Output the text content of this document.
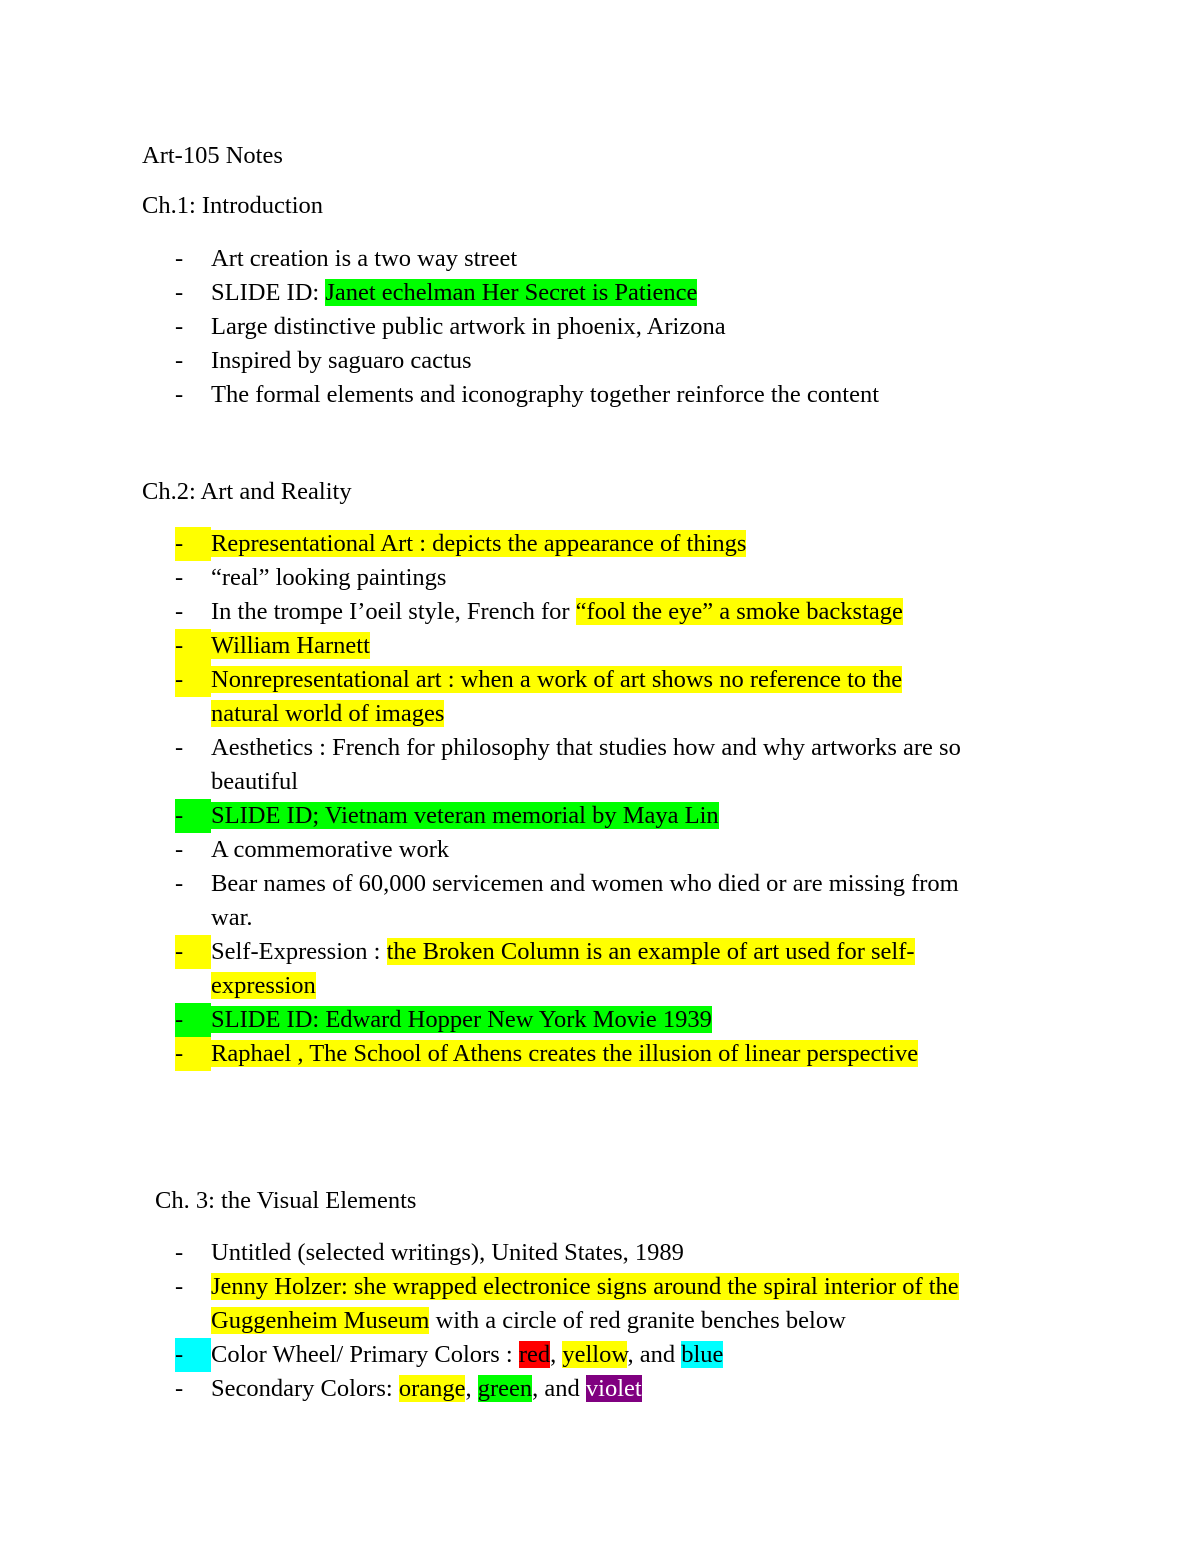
Art-105 Notes
Ch.1: Introduction
-	Art creation is a two way street
-	SLIDE ID: Janet echelman Her Secret is Patience
-	Large distinctive public artwork in phoenix, Arizona
-	Inspired by saguaro cactus
-	The formal elements and iconography together reinforce the content
Ch.2: Art and Reality
-	Representational Art : depicts the appearance of things
-	“real” looking paintings
-	In the trompe I’oeil style, French for “fool the eye” a smoke backstage
-	William Harnett
-	Nonrepresentational art : when a work of art shows no reference to the
natural world of images
-	Aesthetics : French for philosophy that studies how and why artworks are so
beautiful
-	SLIDE ID; Vietnam veteran memorial by Maya Lin
-	A commemorative work
-	Bear names of 60,000 servicemen and women who died or are missing from
war.
-	Self-Expression : the Broken Column is an example of art used for self-
expression
-	SLIDE ID: Edward Hopper New York Movie 1939
-	Raphael , The School of Athens creates the illusion of linear perspective
Ch. 3: the Visual Elements
-	Untitled (selected writings), United States, 1989
-	Jenny Holzer: she wrapped electronice signs around the spiral interior of the
Guggenheim Museum with a circle of red granite benches below
-	Color Wheel/ Primary Colors : red, yellow, and blue
-	Secondary Colors: orange, green, and violet
